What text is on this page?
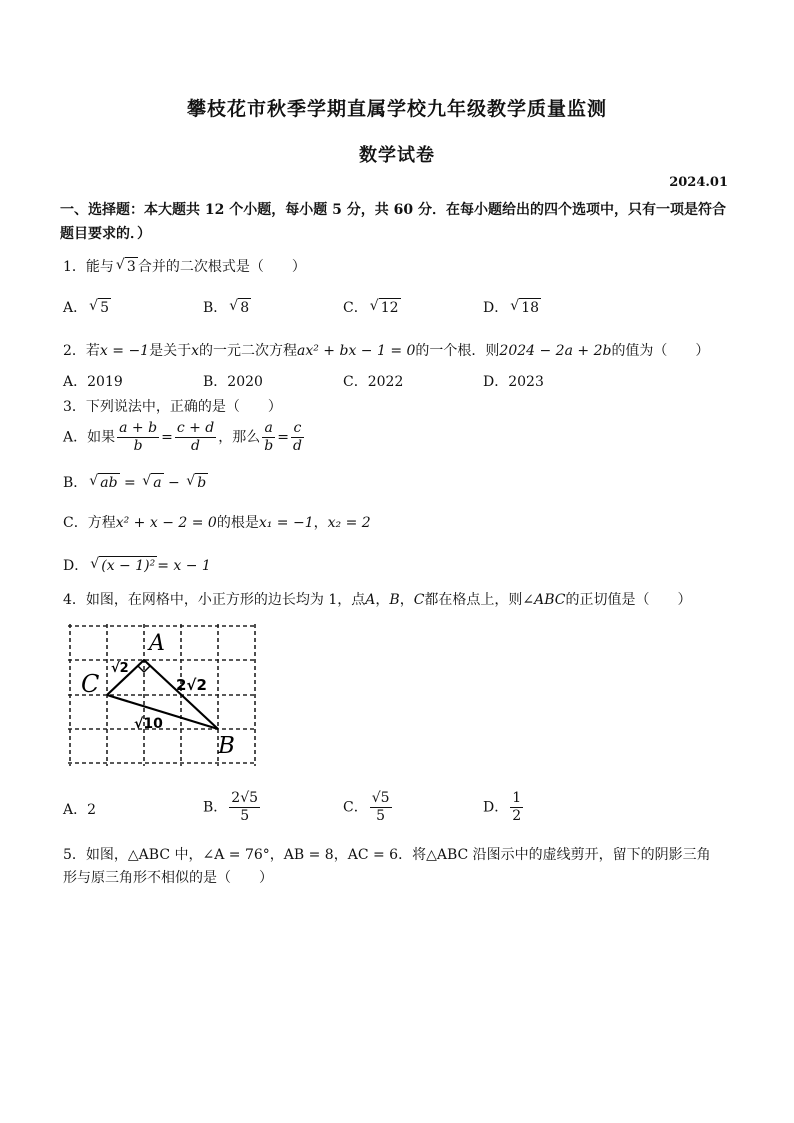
攀枝花市秋季学期直属学校九年级教学质量监测
数学试卷
2024.01
一、选择题：本大题共 12 个小题，每小题 5 分，共 60 分．在每小题给出的四个选项中，只有一项是符合题目要求的．）
1．能与 √ 3 合并的二次根式是（　　）
A． √ 5	B． √ 8	C． √ 12	D． √ 18
2．若x = −1是关于x的一元二次方程ax² + bx − 1 = 0的一个根．则2024 − 2a + 2b的值为（　　）
A．2019	B．2020	C．2022	D．2023
3．下列说法中，正确的是（　　）
A．如果 $\frac{a + b}{b} = \frac{c + d}{d}$ ，那么 $\frac{a}{b} = \frac{c}{d}$
B． √ ab = √ a − √ b
C．方程x² + x − 2 = 0的根是x₁ = −1，x₂ = 2
D． √ (x − 1)² = x − 1
4．如图，在网格中，小正方形的边长均为 1，点A，B，C都在格点上，则∠ABC的正切值是（　　）
A
C
B
√2
2√2
√10
A．2	B． $\frac{2√5}{5}$	C． $\frac{√5}{5}$	D． $\frac{1}{2}$
5．如图，△ABC 中，∠A = 76°，AB = 8，AC = 6．将△ABC 沿图示中的虚线剪开，留下的阴影三角
形与原三角形不相似的是（　　）
